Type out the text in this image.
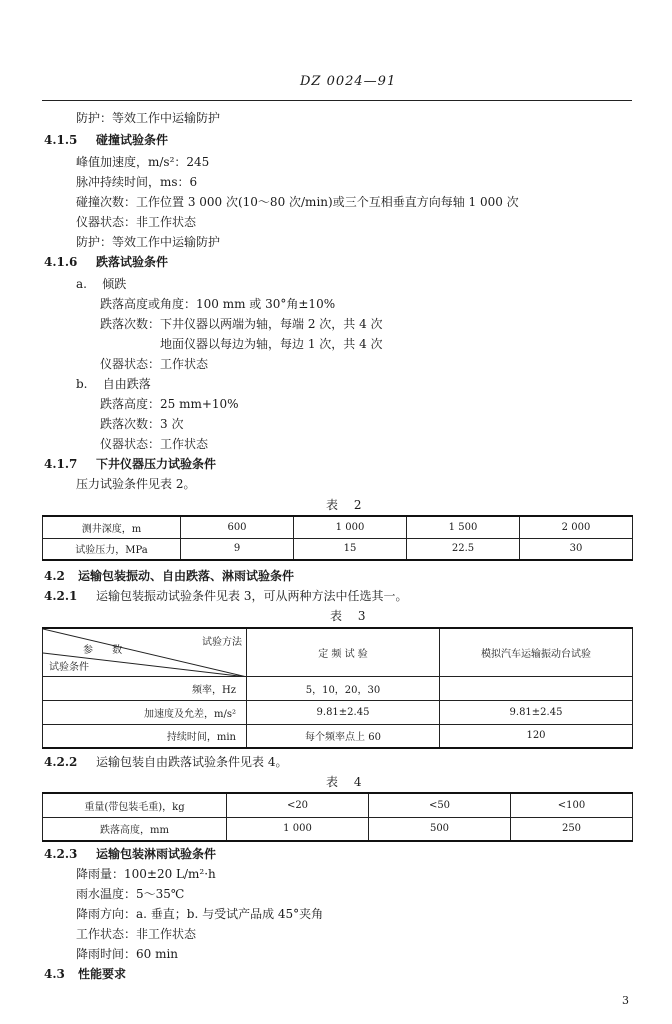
DZ 0024—91
防护：等效工作中运输防护
4.1.5 碰撞试验条件
峰值加速度，m/s²：245
脉冲持续时间，ms：6
碰撞次数：工作位置 3 000 次(10～80 次/min)或三个互相垂直方向每轴 1 000 次
仪器状态：非工作状态
防护：等效工作中运输防护
4.1.6 跌落试验条件
a. 倾跌
跌落高度或角度：100 mm 或 30°角±10%
跌落次数：下井仪器以两端为轴，每端 2 次，共 4 次
地面仪器以每边为轴，每边 1 次，共 4 次
仪器状态：工作状态
b. 自由跌落
跌落高度：25 mm+10%
跌落次数：3 次
仪器状态：工作状态
4.1.7 下井仪器压力试验条件
压力试验条件见表 2。
表 2
测井深度，m	600	1 000	1 500	2 000
试验压力，MPa	9	15	22.5	30
4.2 运输包装振动、自由跌落、淋雨试验条件
4.2.1 运输包装振动试验条件见表 3，可从两种方法中任选其一。
表 3
试验方法
参 数
试验条件	定 频 试 验	模拟汽车运输振动台试验
频率，Hz	5，10，20，30	
加速度及允差，m/s²	9.81±2.45	9.81±2.45
持续时间，min	每个频率点上 60	120
4.2.2 运输包装自由跌落试验条件见表 4。
表 4
重量(带包装毛重)，kg	<20	<50	<100
跌落高度，mm	1 000	500	250
4.2.3 运输包装淋雨试验条件
降雨量：100±20 L/m²·h
雨水温度：5～35℃
降雨方向：a. 垂直；b. 与受试产品成 45°夹角
工作状态：非工作状态
降雨时间：60 min
4.3 性能要求
3
